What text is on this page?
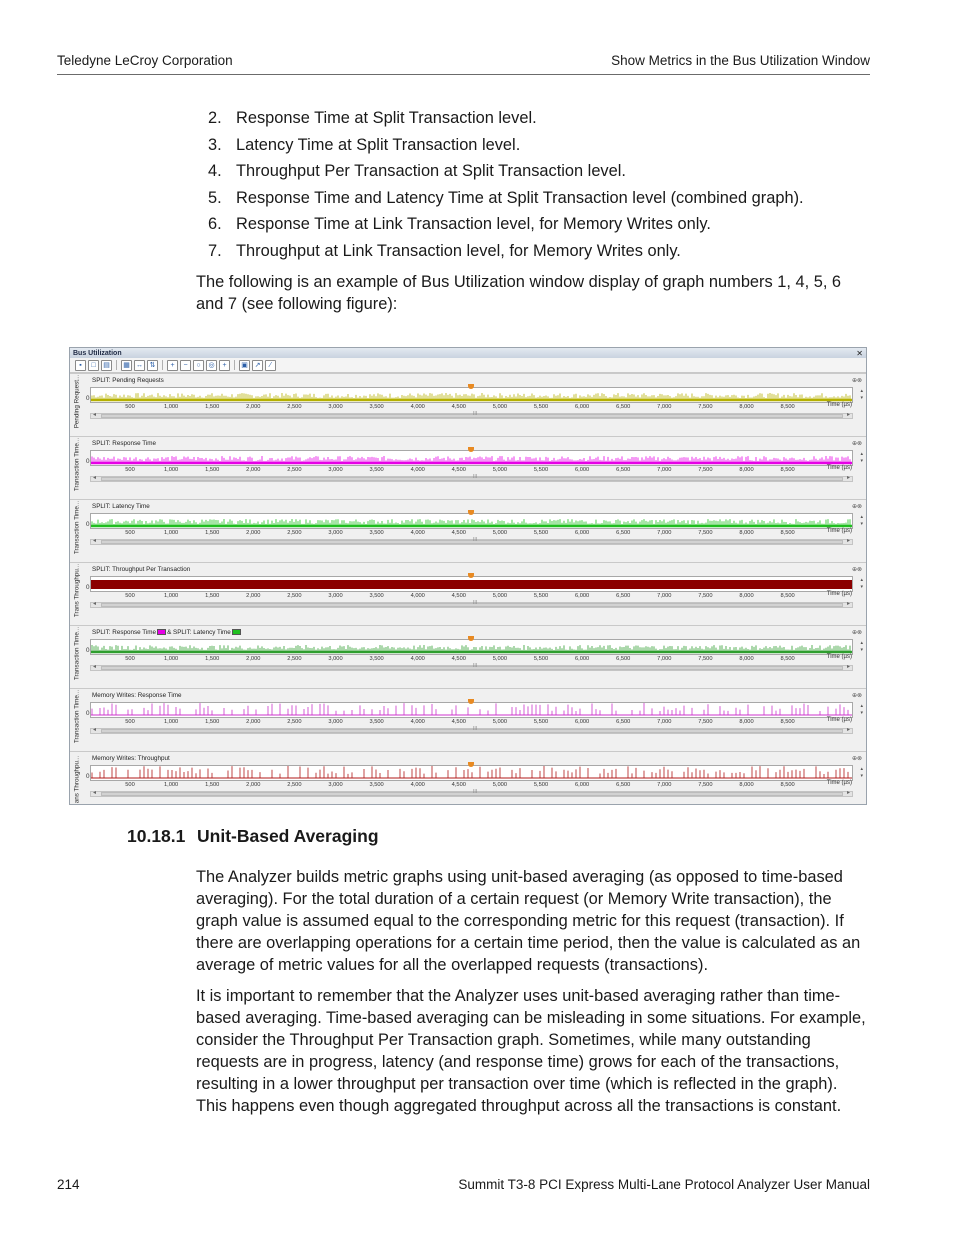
Teledyne LeCroy Corporation	Show Metrics in the Bus Utilization Window
2. Response Time at Split Transaction level.
3. Latency Time at Split Transaction level.
4. Throughput Per Transaction at Split Transaction level.
5. Response Time and Latency Time at Split Transaction level (combined graph).
6. Response Time at Link Transaction level, for Memory Writes only.
7. Throughput at Link Transaction level, for Memory Writes only.

The following is an example of Bus Utilization window display of graph numbers 1, 4, 5, 6 and 7 (see following figure):

Bus Utilization	✕
▪	□	▤	▦ ↔ ⇅	+	−	○	◎	+	▣ ↗	⁄
Pending Request... SPLIT: Pending Requests	⊕⊗
0
▴
▾
500	1,000	1,500	2,000	2,500	3,000	3,500	4,000	4,500	5,000	5,500	6,000	6,500	7,000	7,500	8,000	8,500	Time (µs)
◂	III	▸
Transaction Time... SPLIT: Response Time	⊕⊗
0
▴
▾
500	1,000	1,500	2,000	2,500	3,000	3,500	4,000	4,500	5,000	5,500	6,000	6,500	7,000	7,500	8,000	8,500	Time (µs)
◂	III	▸
Transaction Time... SPLIT: Latency Time	⊕⊗
0
▴
▾
500	1,000	1,500	2,000	2,500	3,000	3,500	4,000	4,500	5,000	5,500	6,000	6,500	7,000	7,500	8,000	8,500	Time (µs)
◂	III	▸
Trans Throughpu... SPLIT: Throughput Per Transaction	⊕⊗
0
▴
▾
500	1,000	1,500	2,000	2,500	3,000	3,500	4,000	4,500	5,000	5,500	6,000	6,500	7,000	7,500	8,000	8,500	Time (µs)
◂	III	▸
Transaction Time... SPLIT: Response Time & SPLIT: Latency Time	⊕⊗
0
▴
▾
500	1,000	1,500	2,000	2,500	3,000	3,500	4,000	4,500	5,000	5,500	6,000	6,500	7,000	7,500	8,000	8,500	Time (µs)
◂	III	▸
Transaction Time... Memory Writes: Response Time	⊕⊗
0
▴
▾
500	1,000	1,500	2,000	2,500	3,000	3,500	4,000	4,500	5,000	5,500	6,000	6,500	7,000	7,500	8,000	8,500	Time (µs)
◂	III	▸
ans Throughpu... Memory Writes: Throughput	⊕⊗
0
▴
▾
500	1,000	1,500	2,000	2,500	3,000	3,500	4,000	4,500	5,000	5,500	6,000	6,500	7,000	7,500	8,000	8,500	Time (µs)
◂	III	▸
10.18.1 Unit-Based Averaging

The Analyzer builds metric graphs using unit-based averaging (as opposed to time-based averaging). For the total duration of a certain request (or Memory Write transaction), the graph value is assumed equal to the corresponding metric for this request (transaction). If there are overlapping operations for a certain time period, then the value is calculated as an average of metric values for all the overlapped requests (transactions).

It is important to remember that the Analyzer uses unit-based averaging rather than time-based averaging. Time-based averaging can be misleading in some situations. For example, consider the Throughput Per Transaction graph. Sometimes, while many outstanding requests are in progress, latency (and response time) grows for each of the transactions, resulting in a lower throughput per transaction over time (which is reflected in the graph). This happens even though aggregated throughput across all the transactions is constant.

214	Summit T3-8 PCI Express Multi-Lane Protocol Analyzer User Manual
